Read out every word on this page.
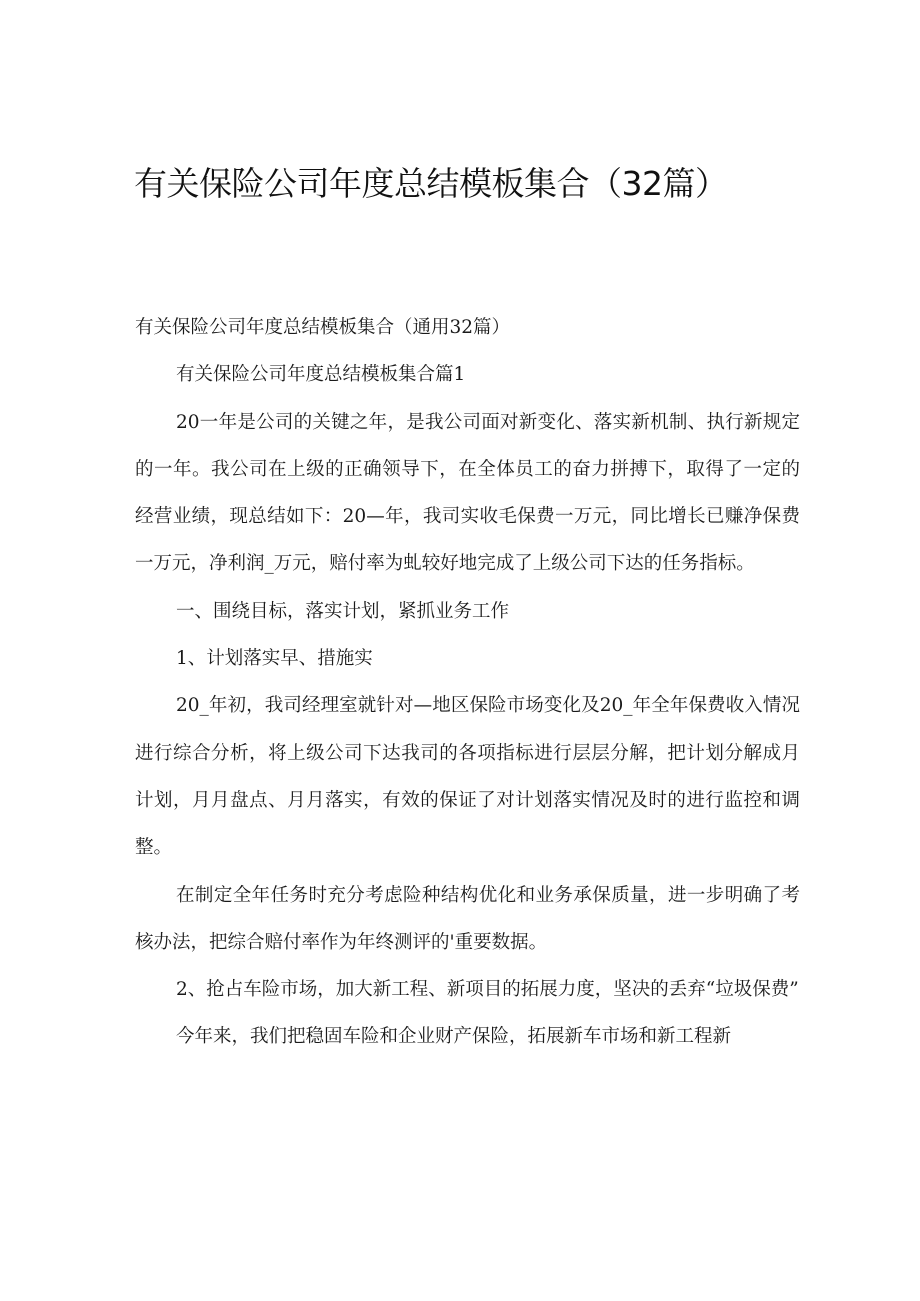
有关保险公司年度总结模板集合（32篇）

有关保险公司年度总结模板集合（通用32篇）

有关保险公司年度总结模板集合篇1

20一年是公司的关键之年，是我公司面对新变化、落实新机制、执行新规定的一年。我公司在上级的正确领导下，在全体员工的奋力拼搏下，取得了一定的经营业绩，现总结如下：20—年，我司实收毛保费一万元，同比增长已赚净保费一万元，净利润_万元，赔付率为虬较好地完成了上级公司下达的任务指标。

一、围绕目标，落实计划，紧抓业务工作

1、计划落实早、措施实

20_年初，我司经理室就针对—地区保险市场变化及20_年全年保费收入情况进行综合分析，将上级公司下达我司的各项指标进行层层分解，把计划分解成月计划，月月盘点、月月落实，有效的保证了对计划落实情况及时的进行监控和调整。

在制定全年任务时充分考虑险种结构优化和业务承保质量，进一步明确了考核办法，把综合赔付率作为年终测评的'重要数据。

2、抢占车险市场，加大新工程、新项目的拓展力度，坚决的丢弃“垃圾保费”

今年来，我们把稳固车险和企业财产保险，拓展新车市场和新工程新
